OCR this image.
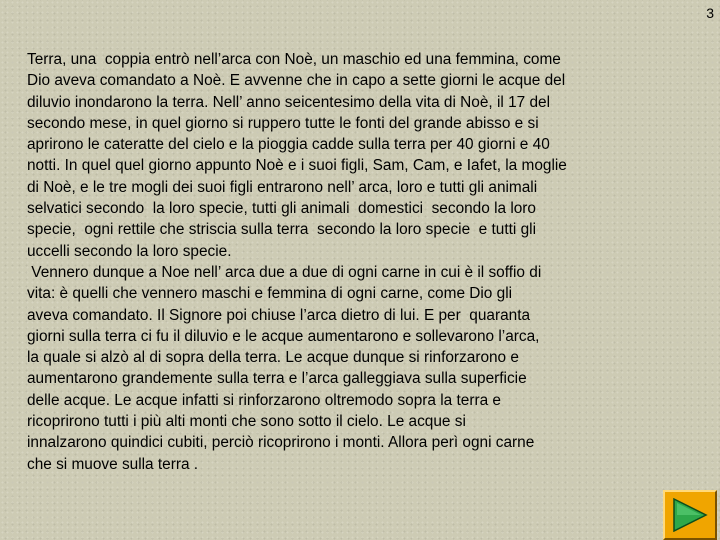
3
Terra, una  coppia entrò nell’arca con Noè, un maschio ed una femmina, come
Dio aveva comandato a Noè. E avvenne che in capo a sette giorni le acque del
diluvio inondarono la terra. Nell’ anno seicentesimo della vita di Noè, il 17 del
secondo mese, in quel giorno si ruppero tutte le fonti del grande abisso e si
aprirono le cateratte del cielo e la pioggia cadde sulla terra per 40 giorni e 40
notti. In quel quel giorno appunto Noè e i suoi figli, Sam, Cam, e Iafet, la moglie
di Noè, e le tre mogli dei suoi figli entrarono nell’ arca, loro e tutti gli animali
selvatici secondo  la loro specie, tutti gli animali  domestici  secondo la loro
specie,  ogni rettile che striscia sulla terra  secondo la loro specie  e tutti gli
uccelli secondo la loro specie.
Vennero dunque a Noe nell’ arca due a due di ogni carne in cui è il soffio di
vita: è quelli che vennero maschi e femmina di ogni carne, come Dio gli
aveva comandato. Il Signore poi chiuse l’arca dietro di lui. E per  quaranta
giorni sulla terra ci fu il diluvio e le acque aumentarono e sollevarono l’arca,
la quale si alzò al di sopra della terra. Le acque dunque si rinforzarono e
aumentarono grandemente sulla terra e l’arca galleggiava sulla superficie
delle acque. Le acque infatti si rinforzarono oltremodo sopra la terra e
ricoprirono tutti i più alti monti che sono sotto il cielo. Le acque si
innalzarono quindici cubiti, perciò ricoprirono i monti. Allora perì ogni carne
che si muove sulla terra .
